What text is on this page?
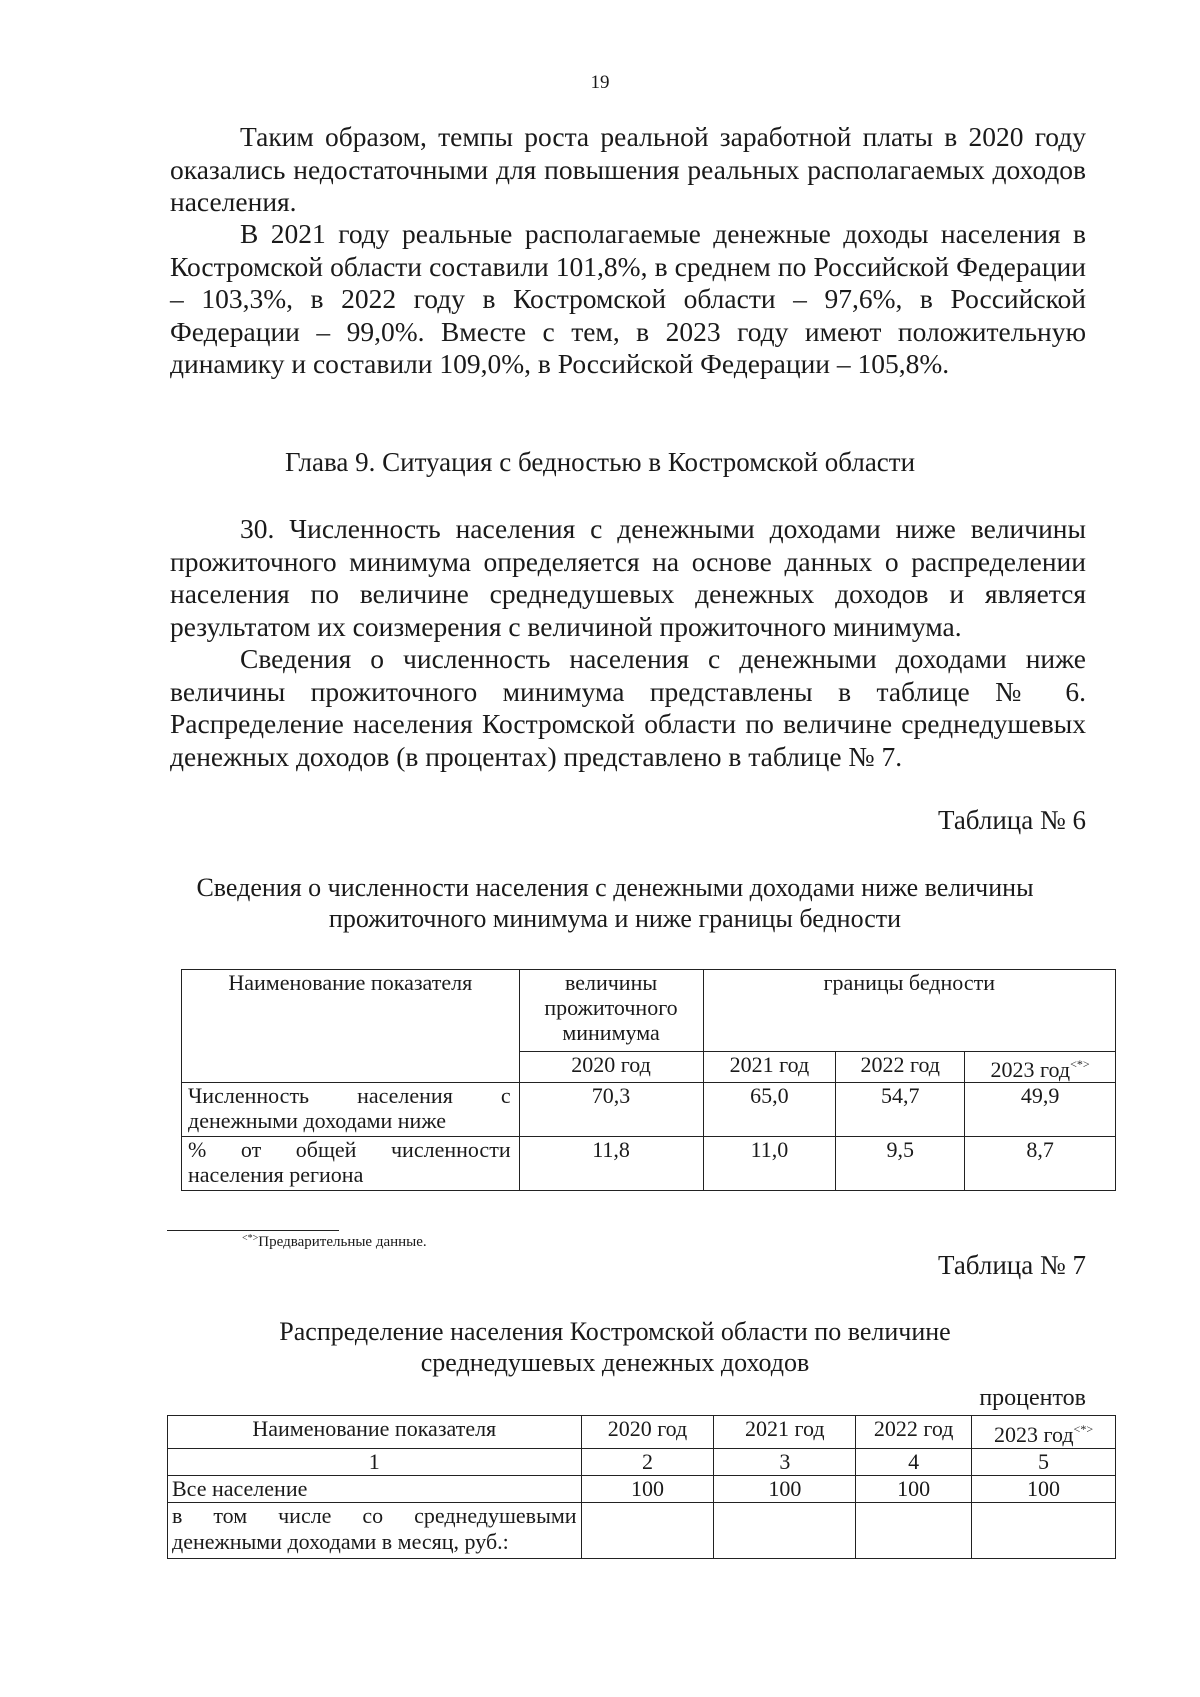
19

Таким образом, темпы роста реальной заработной платы в 2020 году оказались недостаточными для повышения реальных располагаемых доходов населения.

В 2021 году реальные располагаемые денежные доходы населения в Костромской области составили 101,8%, в среднем по Российской Федерации – 103,3%, в 2022 году в Костромской области – 97,6%, в Российской Федерации – 99,0%. Вместе с тем, в 2023 году имеют положительную динамику и составили 109,0%, в Российской Федерации – 105,8%.

Глава 9. Ситуация с бедностью в Костромской области

30. Численность населения с денежными доходами ниже величины прожиточного минимума определяется на основе данных о распределении населения по величине среднедушевых денежных доходов и является результатом их соизмерения с величиной прожиточного минимума.

Сведения о численность населения с денежными доходами ниже величины прожиточного минимума представлены в таблице № 6. Распределение населения Костромской области по величине среднедушевых денежных доходов (в процентах) представлено в таблице № 7.

Таблица № 6

Сведения о численности населения с денежными доходами ниже величины
прожиточного минимума и ниже границы бедности

Наименование показателя	величины прожиточного минимума	границы бедности		
	2020 год	2021 год	2022 год	2023 год<*>
Численность населения с денежными доходами ниже	70,3	65,0	54,7	49,9
% от общей численности населения региона	11,8	11,0	9,5	8,7
<*>Предварительные данные.

Таблица № 7

Распределение населения Костромской области по величине
среднедушевых денежных доходов

процентов

Наименование показателя	2020 год	2021 год	2022 год	2023 год<*>
1	2	3	4	5
Все население	100	100	100	100
в том числе со среднедушевыми денежными доходами в месяц, руб.:				
